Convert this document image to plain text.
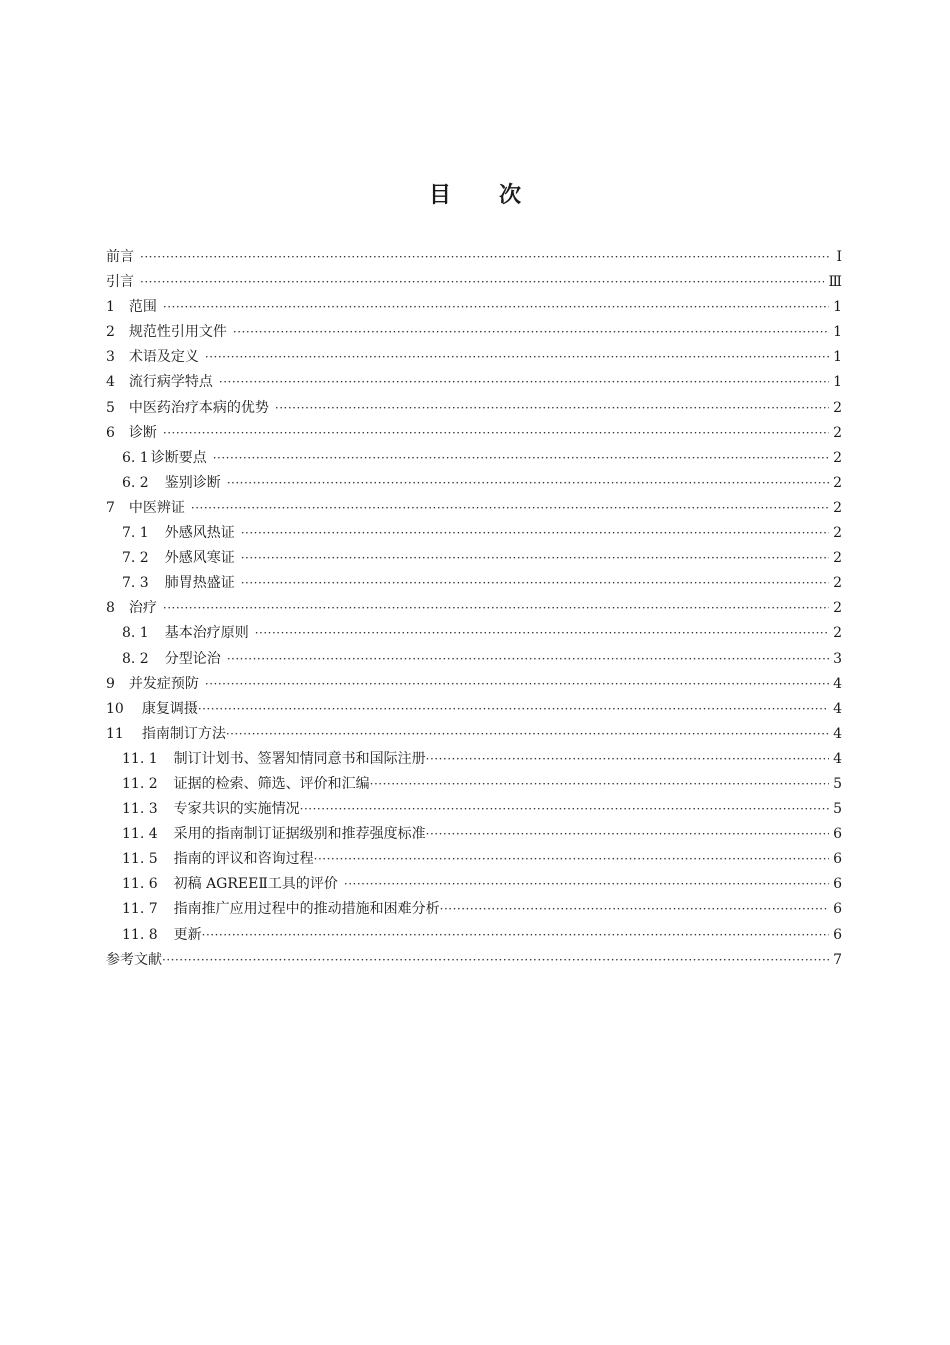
目 次
前言 ·····	Ⅰ
引言 ·····	Ⅲ
1 范围 ·····	1
2 规范性引用文件 ·····	1
3 术语及定义 ·····	1
4 流行病学特点 ·····	1
5 中医药治疗本病的优势 ·····	2
6 诊断 ·····	2
6. 1 诊断要点 ·····	2
6. 2 鉴别诊断 ·····	2
7 中医辨证 ·····	2
7. 1 外感风热证 ·····	2
7. 2 外感风寒证 ·····	2
7. 3 肺胃热盛证 ·····	2
8 治疗 ·····	2
8. 1 基本治疗原则 ·····	2
8. 2 分型论治 ·····	3
9 并发症预防 ·····	4
10 康复调摄 ·····	4
11 指南制订方法 ·····	4
11. 1 制订计划书、签署知情同意书和国际注册 ·····	4
11. 2 证据的检索、筛选、评价和汇编 ·····	5
11. 3 专家共识的实施情况 ·····	5
11. 4 采用的指南制订证据级别和推荐强度标准 ·····	6
11. 5 指南的评议和咨询过程 ·····	6
11. 6 初稿 AGREEⅡ工具的评价 ·····	6
11. 7 指南推广应用过程中的推动措施和困难分析 ·····	6
11. 8 更新 ·····	6
参考文献 ·····	7
